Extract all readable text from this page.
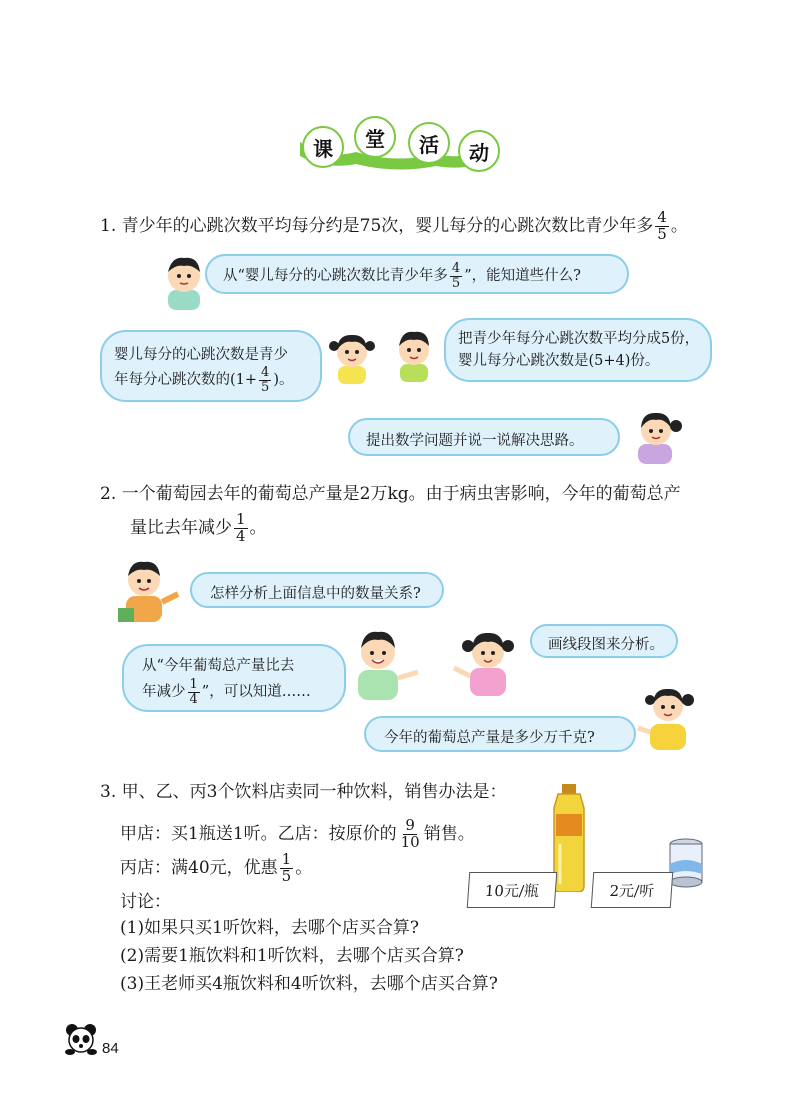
课	堂	活	动
1. 青少年的心跳次数平均每分约是75次，婴儿每分的心跳次数比青少年多 $\frac{4}{5}$ 。
从“婴儿每分的心跳次数比青少年多 $\frac{4}{5}$ ”，能知道些什么?
婴儿每分的心跳次数是青少
年每分心跳次数的($1+ \frac{4}{5}$ )。
把青少年每分心跳次数平均分成5份，
婴儿每分心跳次数是(5+4)份。
提出数学问题并说一说解决思路。
2. 一个葡萄园去年的葡萄总产量是2万kg。由于病虫害影响，今年的葡萄总产
量比去年减少 $\frac{1}{4}$ 。
怎样分析上面信息中的数量关系?
从“今年葡萄总产量比去
年减少 $\frac{1}{4}$ ”，可以知道……
画线段图来分析。
今年的葡萄总产量是多少万千克?
3. 甲、乙、丙3个饮料店卖同一种饮料，销售办法是：
甲店：买1瓶送1听。乙店：按原价的 $\frac{9}{10}$ 销售。
丙店：满40元，优惠 $\frac{1}{5}$ 。
讨论：
(1)如果只买1听饮料，去哪个店买合算?
(2)需要1瓶饮料和1听饮料，去哪个店买合算?
(3)王老师买4瓶饮料和4听饮料，去哪个店买合算?
10元/瓶	2元/听
84
